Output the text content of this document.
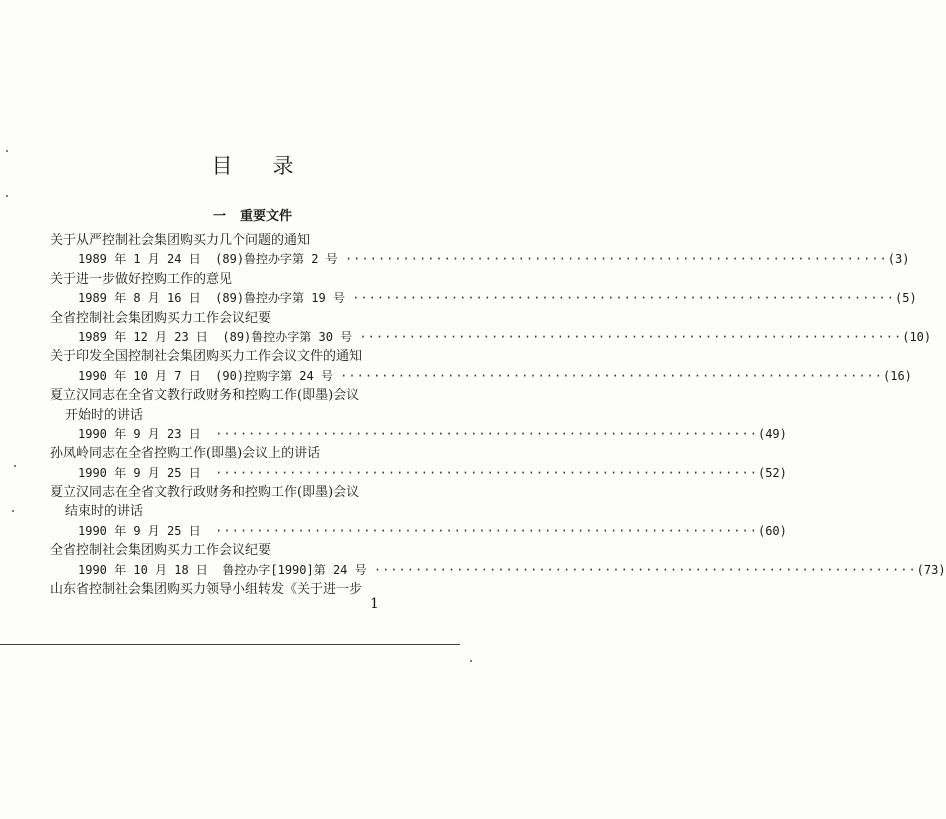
目录
一 重要文件
关于从严控制社会集团购买力几个问题的通知
1989 年 1 月 24 日  (89)鲁控办字第 2 号 ·································································· (3)
关于进一步做好控购工作的意见
1989 年 8 月 16 日  (89)鲁控办字第 19 号 ·································································· (5)
全省控制社会集团购买力工作会议纪要
1989 年 12 月 23 日  (89)鲁控办字第 30 号 ·································································· (10)
关于印发全国控制社会集团购买力工作会议文件的通知
1990 年 10 月 7 日  (90)控购字第 24 号 ·································································· (16)
夏立汉同志在全省文教行政财务和控购工作(即墨)会议
开始时的讲话
1990 年 9 月 23 日 ·································································· (49)
孙凤岭同志在全省控购工作(即墨)会议上的讲话
1990 年 9 月 25 日 ·································································· (52)
夏立汉同志在全省文教行政财务和控购工作(即墨)会议
结束时的讲话
1990 年 9 月 25 日 ·································································· (60)
全省控制社会集团购买力工作会议纪要
1990 年 10 月 18 日  鲁控办字[1990]第 24 号 ·································································· (73)
山东省控制社会集团购买力领导小组转发《关于进一步
1
